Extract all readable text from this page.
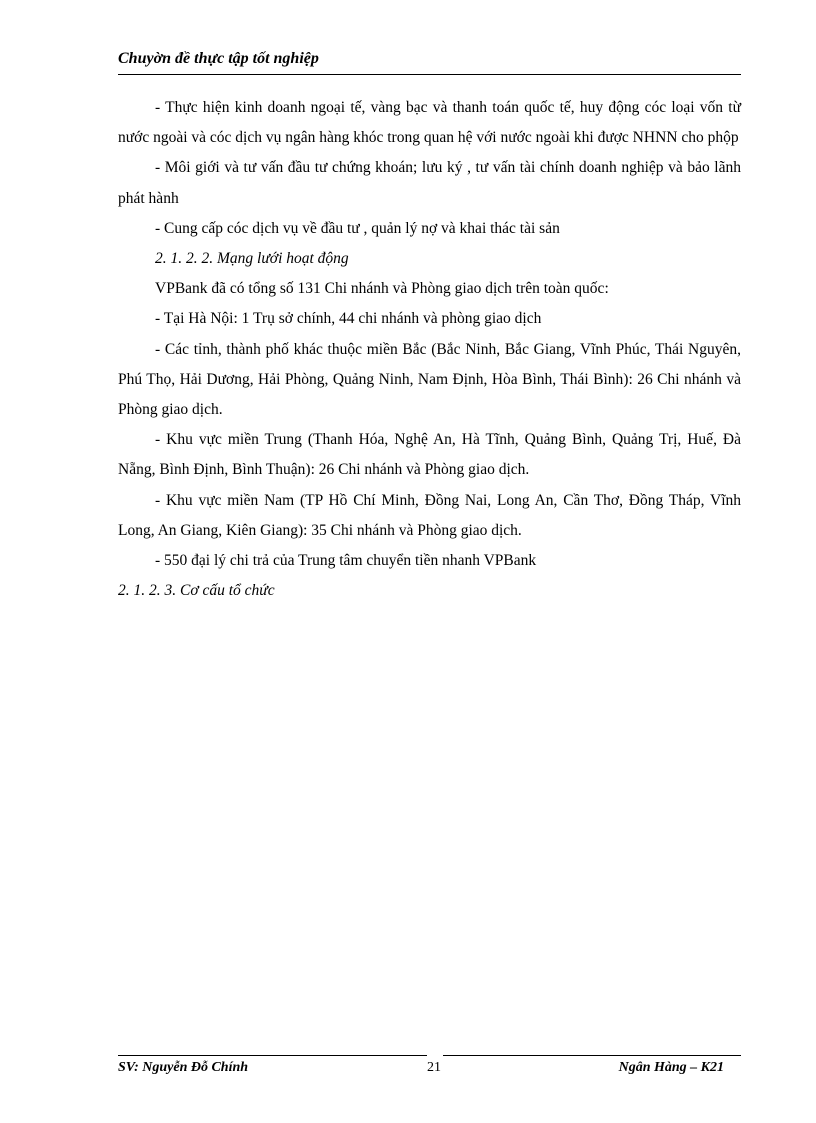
Chuyờn đề thực tập tốt nghiệp

- Thực hiện kinh doanh ngoại tế, vàng bạc và thanh toán quốc tế, huy động cóc loại vốn từ nước ngoài và cóc dịch vụ ngân hàng khóc trong quan hệ với nước ngoài khi được NHNN cho phộp

- Môi giới và tư vấn đầu tư chứng khoán; lưu ký , tư vấn tài chính doanh nghiệp và bảo lãnh phát hành

- Cung cấp cóc dịch vụ về đầu tư , quản lý nợ và khai thác tài sản

2. 1. 2. 2. Mạng lưới hoạt động

VPBank đã có tổng số 131 Chi nhánh và Phòng giao dịch trên toàn quốc:

- Tại Hà Nội: 1 Trụ sở chính, 44 chi nhánh và phòng giao dịch

- Các tỉnh, thành phố khác thuộc miền Bắc (Bắc Ninh, Bắc Giang, Vĩnh Phúc, Thái Nguyên, Phú Thọ, Hải Dương, Hải Phòng, Quảng Ninh, Nam Định, Hòa Bình, Thái Bình): 26 Chi nhánh và Phòng giao dịch.

- Khu vực miền Trung (Thanh Hóa, Nghệ An, Hà Tĩnh, Quảng Bình, Quảng Trị, Huế, Đà Nẵng, Bình Định, Bình Thuận): 26 Chi nhánh và Phòng giao dịch.

- Khu vực miền Nam (TP Hồ Chí Minh, Đồng Nai, Long An, Cần Thơ, Đồng Tháp, Vĩnh Long, An Giang, Kiên Giang): 35 Chi nhánh và Phòng giao dịch.

- 550 đại lý chi trả của Trung tâm chuyển tiền nhanh VPBank

2. 1. 2. 3. Cơ cấu tổ chức

SV: Nguyễn Đỗ Chính	21	Ngân Hàng – K21
